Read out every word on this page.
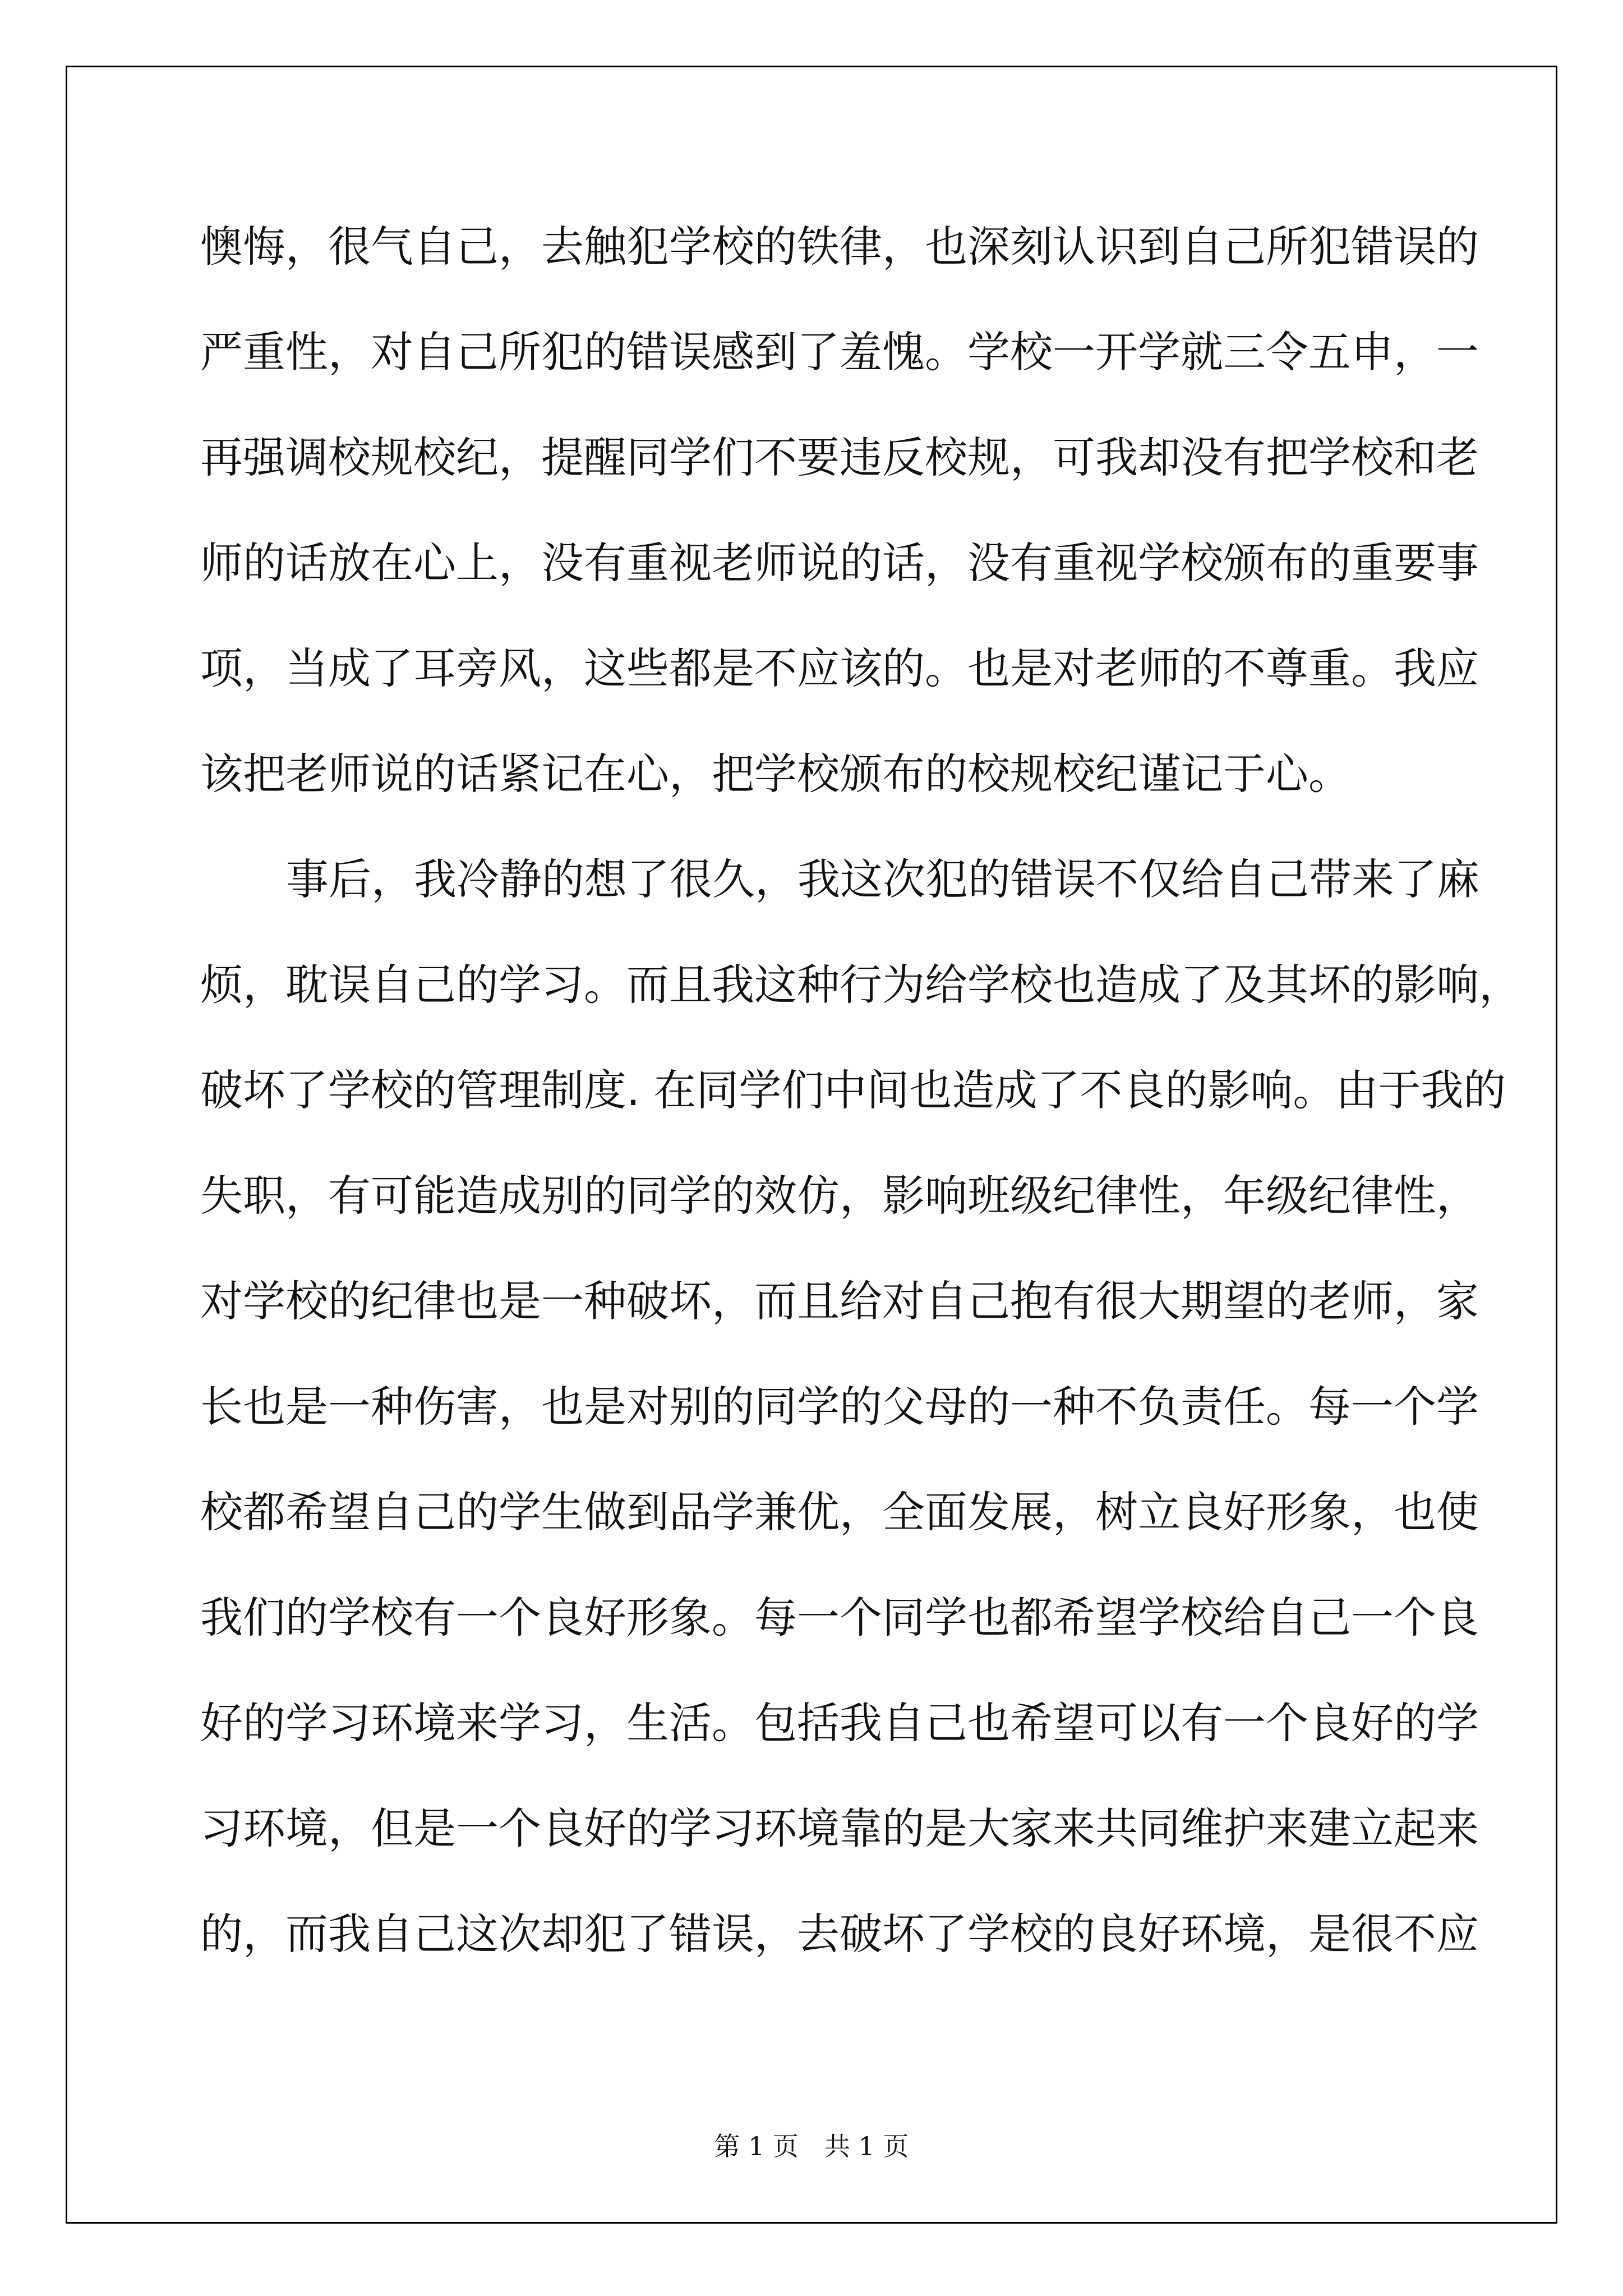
懊悔，很气自己，去触犯学校的铁律，也深刻认识到自己所犯错误的

严重性，对自己所犯的错误感到了羞愧。学校一开学就三令五申，一

再强调校规校纪，提醒同学们不要违反校规，可我却没有把学校和老

师的话放在心上，没有重视老师说的话，没有重视学校颁布的重要事

项，当成了耳旁风，这些都是不应该的。也是对老师的不尊重。我应

该把老师说的话紧记在心，把学校颁布的校规校纪谨记于心。

事后，我冷静的想了很久，我这次犯的错误不仅给自己带来了麻

烦，耽误自己的学习。而且我这种行为给学校也造成了及其坏的影响，

破坏了学校的管理制度. 在同学们中间也造成了不良的影响。由于我的

失职，有可能造成别的同学的效仿，影响班级纪律性，年级纪律性，

对学校的纪律也是一种破坏，而且给对自己抱有很大期望的老师，家

长也是一种伤害，也是对别的同学的父母的一种不负责任。每一个学

校都希望自己的学生做到品学兼优，全面发展，树立良好形象，也使

我们的学校有一个良好形象。每一个同学也都希望学校给自己一个良

好的学习环境来学习，生活。包括我自己也希望可以有一个良好的学

习环境，但是一个良好的学习环境靠的是大家来共同维护来建立起来

的，而我自己这次却犯了错误，去破坏了学校的良好环境，是很不应

第 1 页　共 1 页
